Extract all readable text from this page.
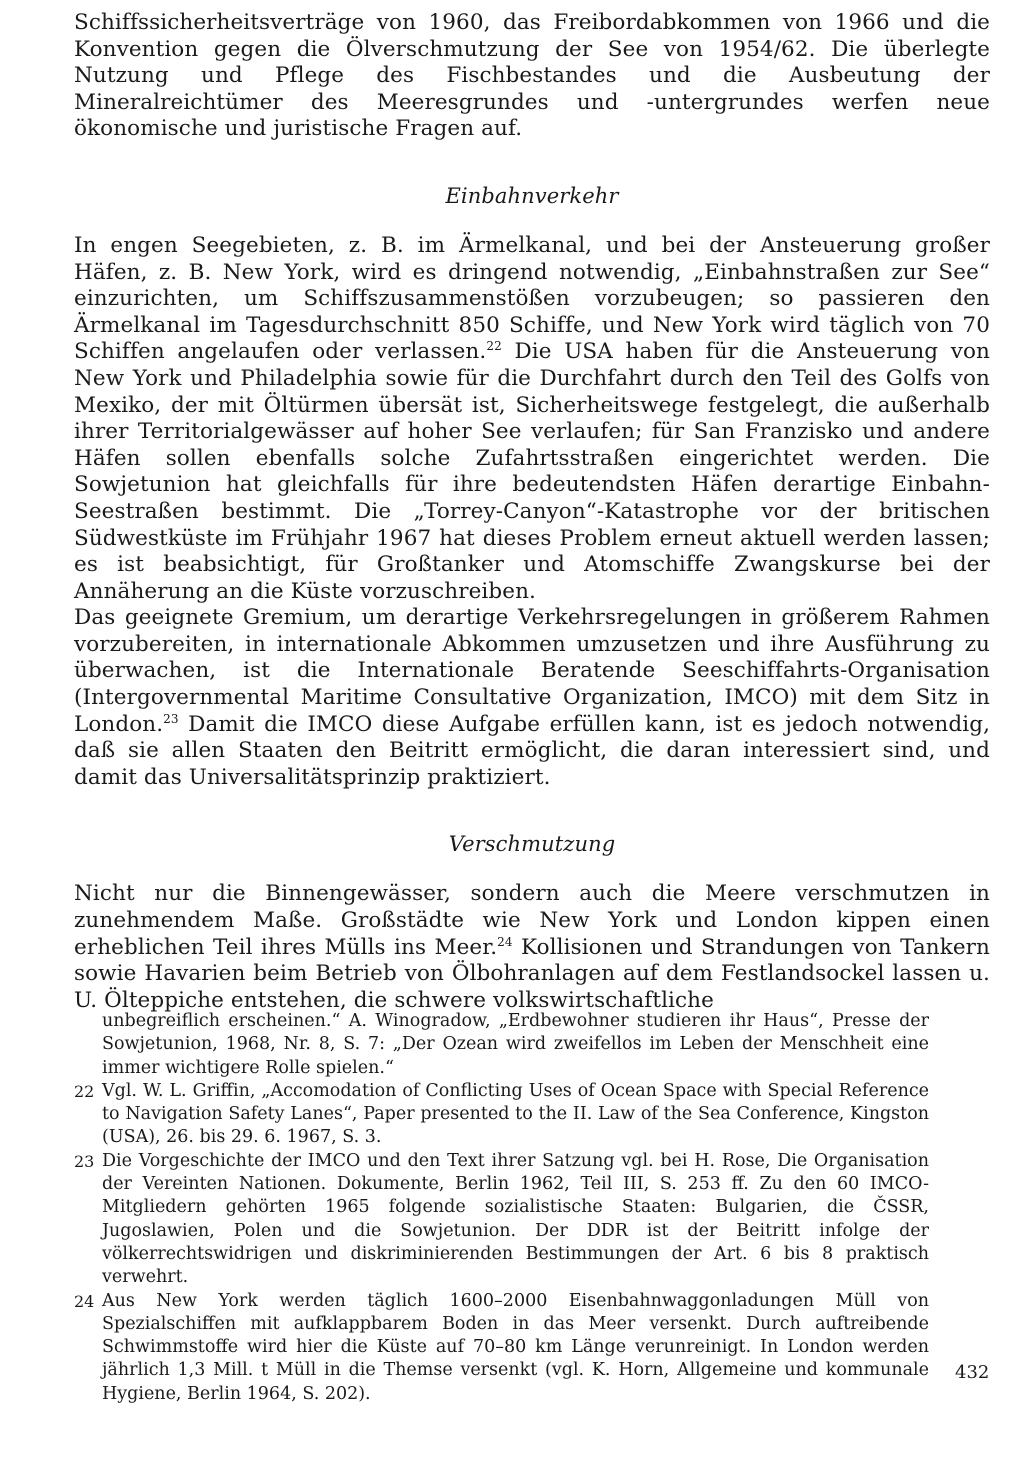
Schiffssicherheitsverträge von 1960, das Freibordabkommen von 1966 und die Konvention gegen die Ölverschmutzung der See von 1954/62. Die überlegte Nutzung und Pflege des Fischbestandes und die Ausbeutung der Mineralreichtümer des Meeresgrundes und -untergrundes werfen neue ökonomische und juristische Fragen auf.

Einbahnverkehr

In engen Seegebieten, z. B. im Ärmelkanal, und bei der Ansteuerung großer Häfen, z. B. New York, wird es dringend notwendig, „Einbahnstraßen zur See“ einzurichten, um Schiffszusammenstößen vorzubeugen; so passieren den Ärmelkanal im Tagesdurchschnitt 850 Schiffe, und New York wird täglich von 70 Schiffen angelaufen oder verlassen.$^{22}$ Die USA haben für die Ansteuerung von New York und Philadelphia sowie für die Durchfahrt durch den Teil des Golfs von Mexiko, der mit Öltürmen übersät ist, Sicherheitswege festgelegt, die außerhalb ihrer Territorialgewässer auf hoher See verlaufen; für San Franzisko und andere Häfen sollen ebenfalls solche Zufahrtsstraßen eingerichtet werden. Die Sowjetunion hat gleichfalls für ihre bedeutendsten Häfen derartige Einbahn-Seestraßen bestimmt. Die „Torrey-Canyon“-Katastrophe vor der britischen Südwestküste im Frühjahr 1967 hat dieses Problem erneut aktuell werden lassen; es ist beabsichtigt, für Großtanker und Atomschiffe Zwangskurse bei der Annäherung an die Küste vorzuschreiben.

Das geeignete Gremium, um derartige Verkehrsregelungen in größerem Rahmen vorzubereiten, in internationale Abkommen umzusetzen und ihre Ausführung zu überwachen, ist die Internationale Beratende Seeschiffahrts-Organisation (Intergovernmental Maritime Consultative Organization, IMCO) mit dem Sitz in London.$^{23}$ Damit die IMCO diese Aufgabe erfüllen kann, ist es jedoch notwendig, daß sie allen Staaten den Beitritt ermöglicht, die daran interessiert sind, und damit das Universalitätsprinzip praktiziert.

Verschmutzung

Nicht nur die Binnengewässer, sondern auch die Meere verschmutzen in zunehmendem Maße. Großstädte wie New York und London kippen einen erheblichen Teil ihres Mülls ins Meer.$^{24}$ Kollisionen und Strandungen von Tankern sowie Havarien beim Betrieb von Ölbohranlagen auf dem Festlandsockel lassen u. U. Ölteppiche entstehen, die schwere volkswirtschaftliche

unbegreiflich erscheinen.“ A. Winogradow, „Erdbewohner studieren ihr Haus“, Presse der Sowjetunion, 1968, Nr. 8, S. 7: „Der Ozean wird zweifellos im Leben der Menschheit eine immer wichtigere Rolle spielen.“

22 Vgl. W. L. Griffin, „Accomodation of Conflicting Uses of Ocean Space with Special Reference to Navigation Safety Lanes“, Paper presented to the II. Law of the Sea Conference, Kingston (USA), 26. bis 29. 6. 1967, S. 3.

23 Die Vorgeschichte der IMCO und den Text ihrer Satzung vgl. bei H. Rose, Die Organisation der Vereinten Nationen. Dokumente, Berlin 1962, Teil III, S. 253 ff. Zu den 60 IMCO-Mitgliedern gehörten 1965 folgende sozialistische Staaten: Bulgarien, die ČSSR, Jugoslawien, Polen und die Sowjetunion. Der DDR ist der Beitritt infolge der völkerrechtswidrigen und diskriminierenden Bestimmungen der Art. 6 bis 8 praktisch verwehrt.

24 Aus New York werden täglich 1600–2000 Eisenbahnwaggonladungen Müll von Spezialschiffen mit aufklappbarem Boden in das Meer versenkt. Durch auftreibende Schwimmstoffe wird hier die Küste auf 70–80 km Länge verunreinigt. In London werden jährlich 1,3 Mill. t Müll in die Themse versenkt (vgl. K. Horn, Allgemeine und kommunale Hygiene, Berlin 1964, S. 202).

432
